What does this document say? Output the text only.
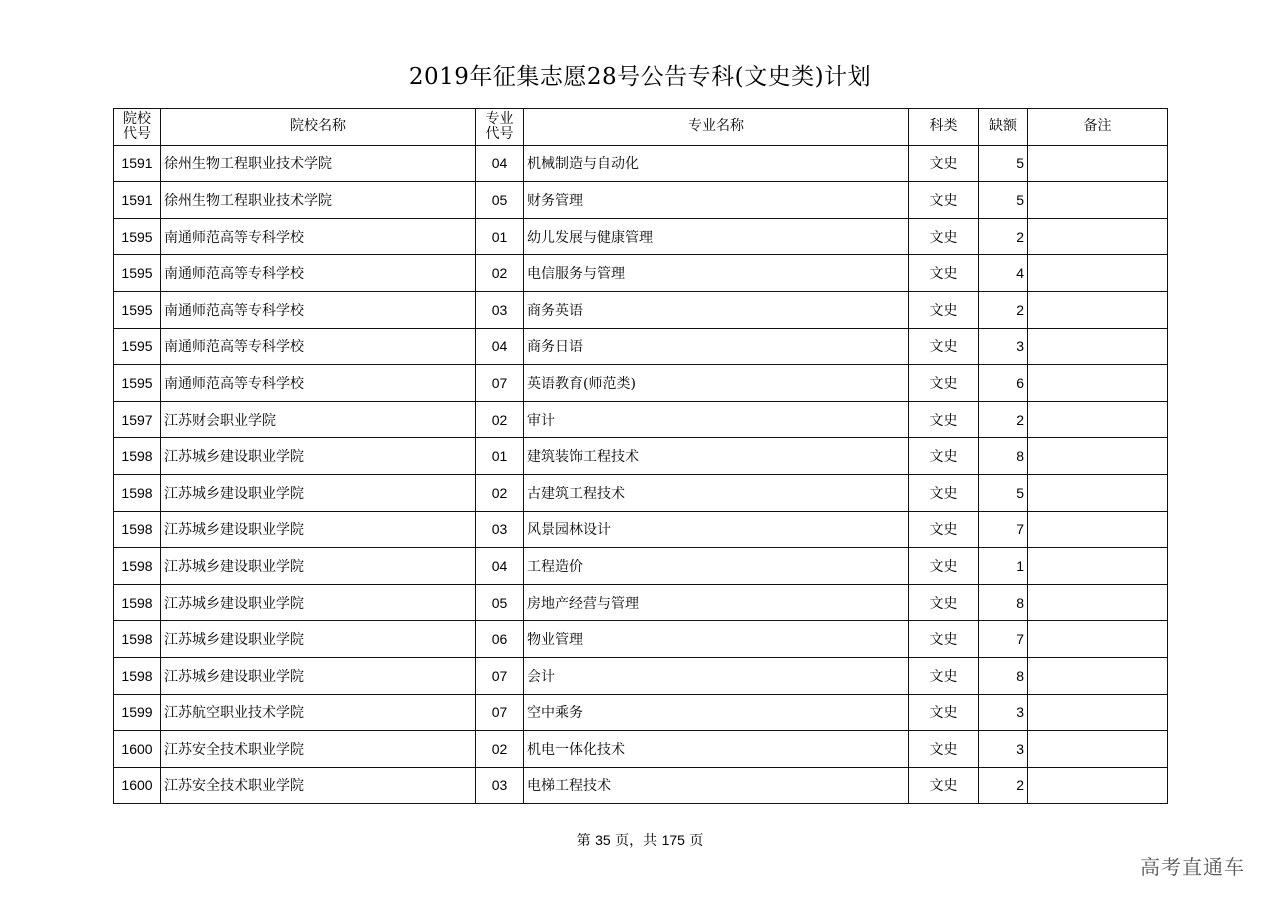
2019年征集志愿28号公告专科(文史类)计划
院校代号	院校名称	专业代号	专业名称	科类	缺额	备注
1591	徐州生物工程职业技术学院	04	机械制造与自动化	文史	5	
1591	徐州生物工程职业技术学院	05	财务管理	文史	5	
1595	南通师范高等专科学校	01	幼儿发展与健康管理	文史	2	
1595	南通师范高等专科学校	02	电信服务与管理	文史	4	
1595	南通师范高等专科学校	03	商务英语	文史	2	
1595	南通师范高等专科学校	04	商务日语	文史	3	
1595	南通师范高等专科学校	07	英语教育(师范类)	文史	6	
1597	江苏财会职业学院	02	审计	文史	2	
1598	江苏城乡建设职业学院	01	建筑装饰工程技术	文史	8	
1598	江苏城乡建设职业学院	02	古建筑工程技术	文史	5	
1598	江苏城乡建设职业学院	03	风景园林设计	文史	7	
1598	江苏城乡建设职业学院	04	工程造价	文史	1	
1598	江苏城乡建设职业学院	05	房地产经营与管理	文史	8	
1598	江苏城乡建设职业学院	06	物业管理	文史	7	
1598	江苏城乡建设职业学院	07	会计	文史	8	
1599	江苏航空职业技术学院	07	空中乘务	文史	3	
1600	江苏安全技术职业学院	02	机电一体化技术	文史	3	
1600	江苏安全技术职业学院	03	电梯工程技术	文史	2	
第 35 页，共 175 页
高考直通车
